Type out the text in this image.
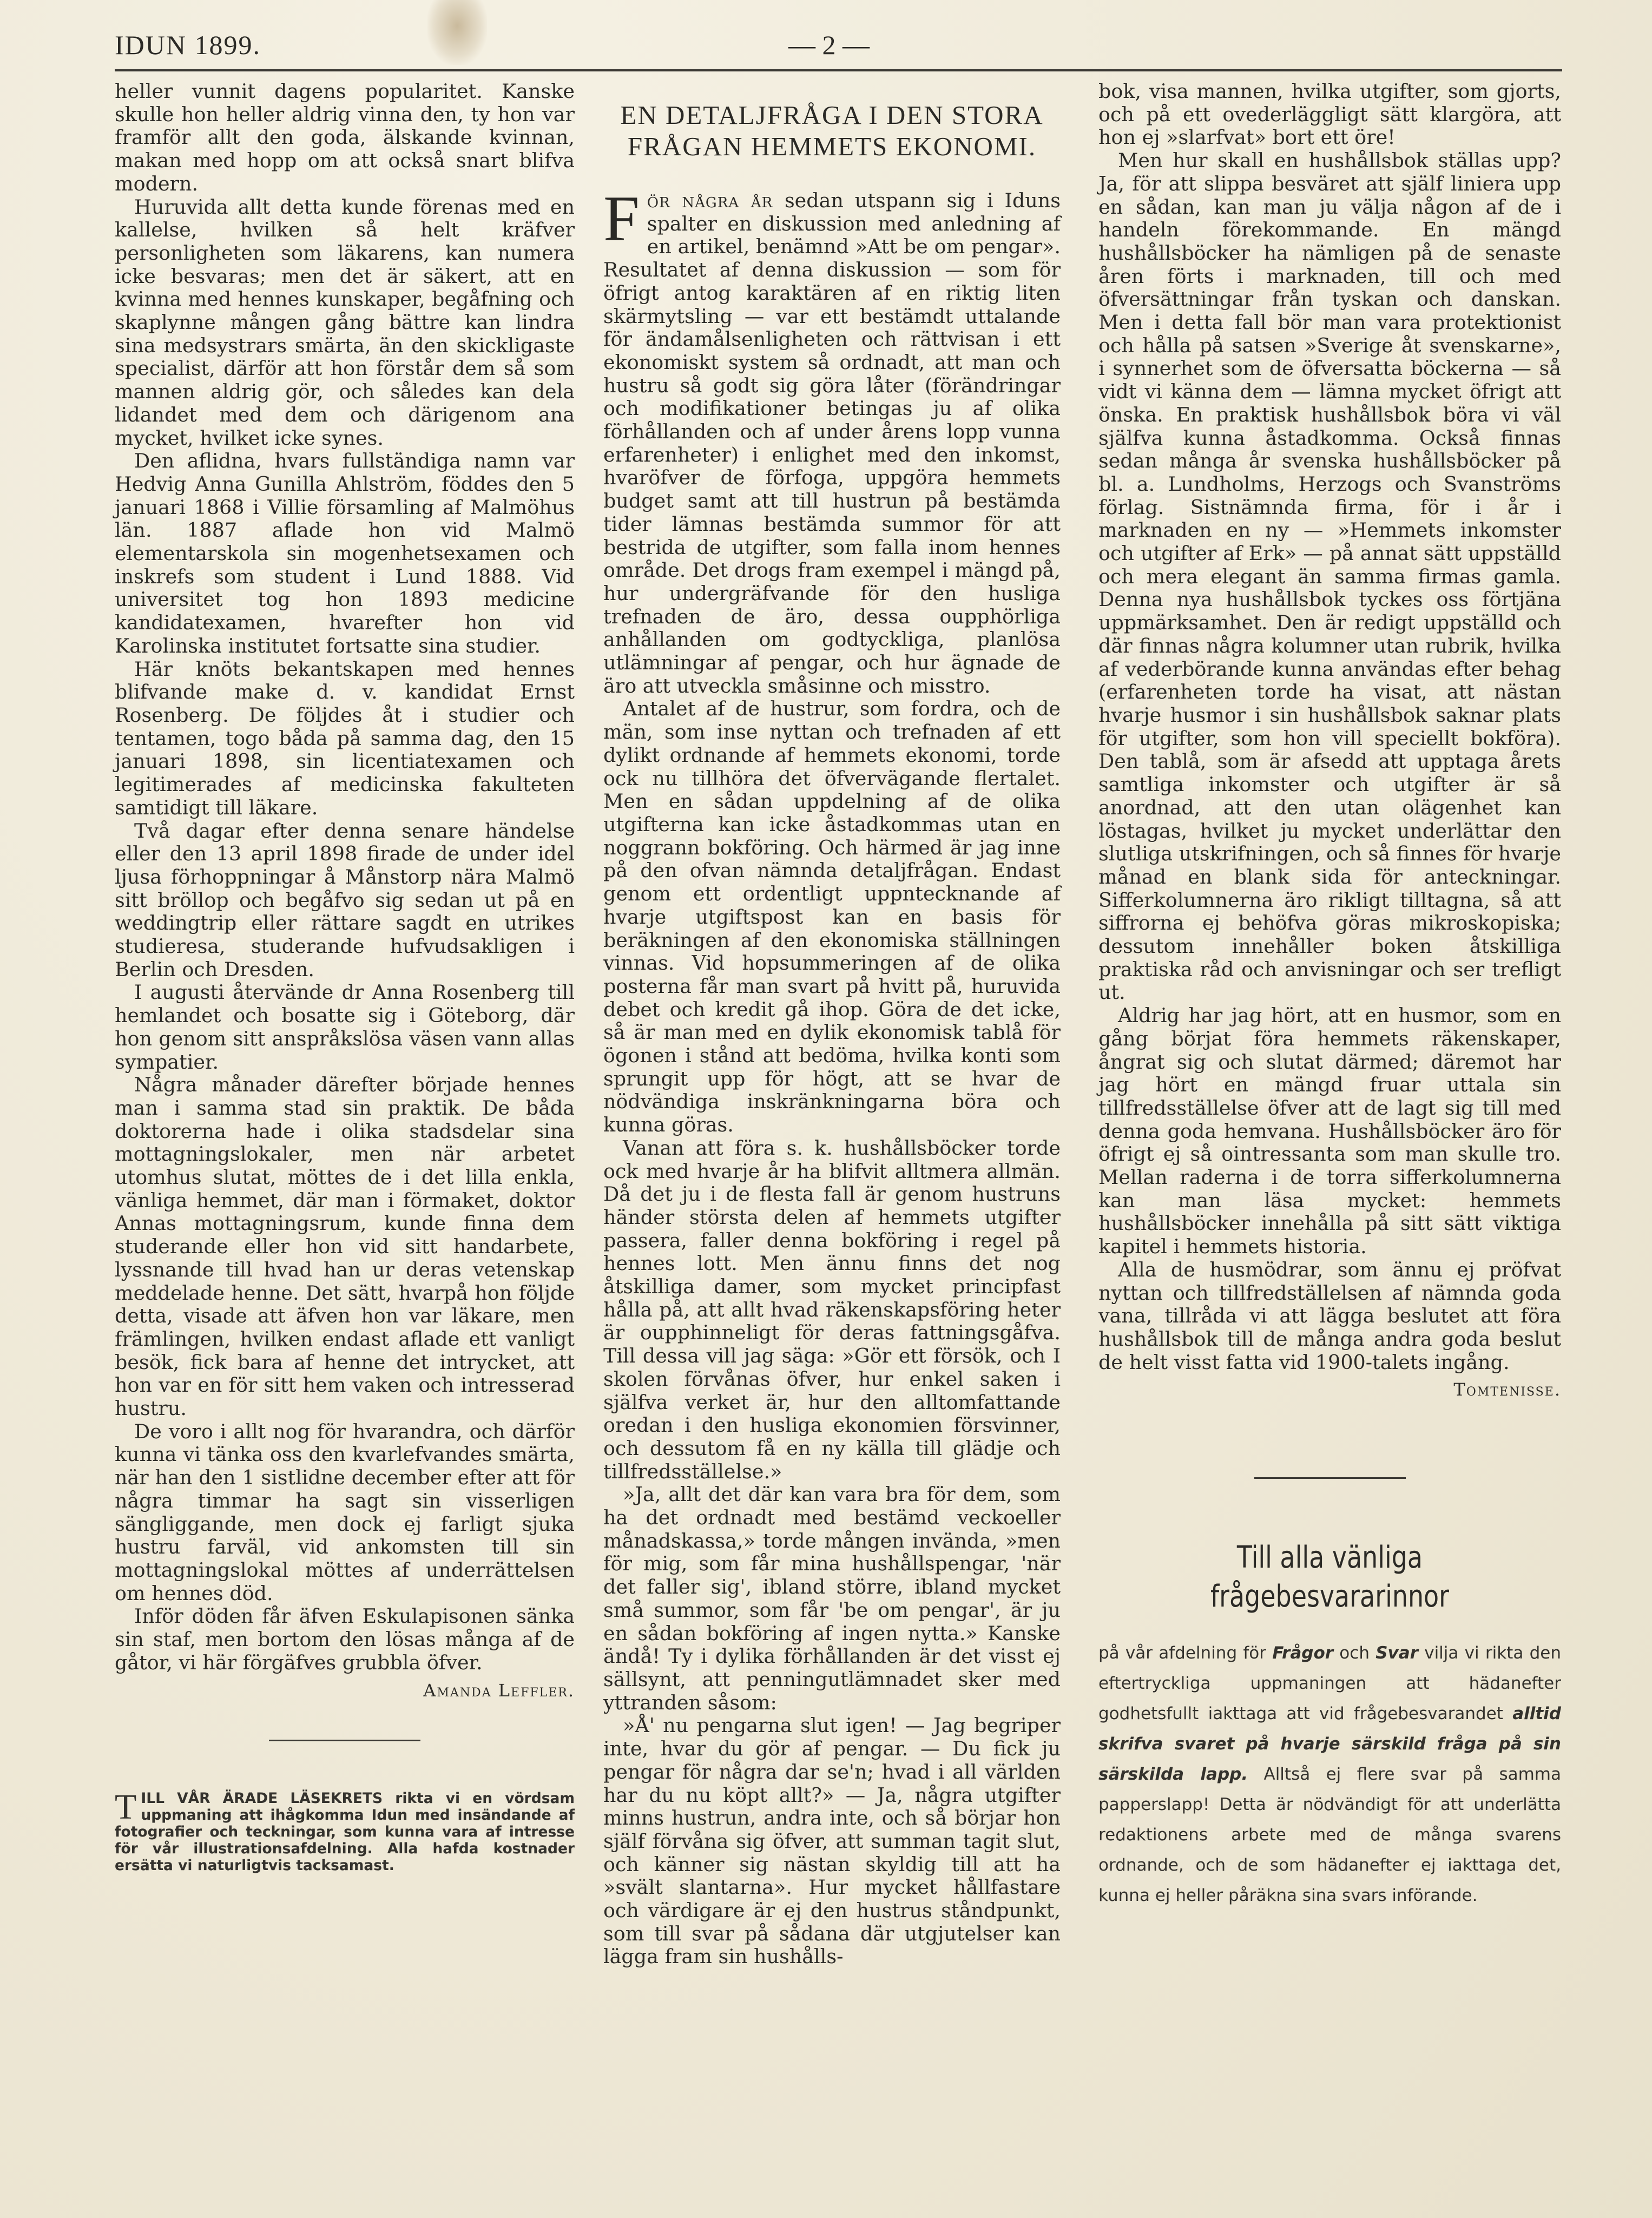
IDUN 1899.	— 2 —

heller vunnit dagens popularitet. Kanske skulle hon heller aldrig vinna den, ty hon var framför allt den goda, älskande kvinnan, makan med hopp om att också snart blifva modern.

Huruvida allt detta kunde förenas med en kallelse, hvilken så helt kräfver personligheten som läkarens, kan numera icke besvaras; men det är säkert, att en kvinna med hennes kunskaper, begåfning och skaplynne mången gång bättre kan lindra sina medsystrars smärta, än den skickligaste specialist, därför att hon förstår dem så som mannen aldrig gör, och således kan dela lidandet med dem och därigenom ana mycket, hvilket icke synes.

Den aflidna, hvars fullständiga namn var Hedvig Anna Gunilla Ahlström, föddes den 5 januari 1868 i Villie församling af Malmöhus län. 1887 aflade hon vid Malmö elementarskola sin mogenhetsexamen och inskrefs som student i Lund 1888. Vid universitet tog hon 1893 medicine kandidatexamen, hvarefter hon vid Karolinska institutet fortsatte sina studier.

Här knöts bekantskapen med hennes blifvande make d. v. kandidat Ernst Rosenberg. De följdes åt i studier och tentamen, togo båda på samma dag, den 15 januari 1898, sin licentiatexamen och legitimerades af medicinska fakulteten samtidigt till läkare.

Två dagar efter denna senare händelse eller den 13 april 1898 firade de under idel ljusa förhoppningar å Månstorp nära Malmö sitt bröllop och begåfvo sig sedan ut på en weddingtrip eller rättare sagdt en utrikes studieresa, studerande hufvudsakligen i Berlin och Dresden.

I augusti återvände dr Anna Rosenberg till hemlandet och bosatte sig i Göteborg, där hon genom sitt anspråkslösa väsen vann allas sympatier.

Några månader därefter började hennes man i samma stad sin praktik. De båda doktorerna hade i olika stadsdelar sina mottagningslokaler, men när arbetet utomhus slutat, möttes de i det lilla enkla, vänliga hemmet, där man i förmaket, doktor Annas mottagningsrum, kunde finna dem studerande eller hon vid sitt handarbete, lyssnande till hvad han ur deras vetenskap meddelade henne. Det sätt, hvarpå hon följde detta, visade att äfven hon var läkare, men främlingen, hvilken endast aflade ett vanligt besök, fick bara af henne det intrycket, att hon var en för sitt hem vaken och intresserad hustru.

De voro i allt nog för hvarandra, och därför kunna vi tänka oss den kvarlefvandes smärta, när han den 1 sistlidne december efter att för några timmar ha sagt sin visserligen sängliggande, men dock ej farligt sjuka hustru farväl, vid ankomsten till sin mottagningslokal möttes af underrättelsen om hennes död.

Inför döden får äfven Eskulapisonen sänka sin staf, men bortom den lösas många af de gåtor, vi här förgäfves grubbla öfver.

Amanda Leffler.
TILL VÅR ÄRADE LÄSEKRETS rikta vi en vördsam uppmaning att ihågkomma Idun med insändande af fotografier och teckningar, som kunna vara af intresse för vår illustrationsafdelning. Alla hafda kostnader ersätta vi naturligtvis tacksamast.
EN DETALJFRÅGA I DEN STORA FRÅGAN HEMMETS EKONOMI.

För några år sedan utspann sig i Iduns spalter en diskussion med anledning af en artikel, benämnd »Att be om pengar». Resultatet af denna diskussion — som för öfrigt antog karaktären af en riktig liten skärmytsling — var ett bestämdt uttalande för ändamålsenligheten och rättvisan i ett ekonomiskt system så ordnadt, att man och hustru så godt sig göra låter (förändringar och modifikationer betingas ju af olika förhållanden och af under årens lopp vunna erfarenheter) i enlighet med den inkomst, hvaröfver de förfoga, uppgöra hemmets budget samt att till hustrun på bestämda tider lämnas bestämda summor för att bestrida de utgifter, som falla inom hennes område. Det drogs fram exempel i mängd på, hur undergräfvande för den husliga trefnaden de äro, dessa oupphörliga anhållanden om godtyckliga, planlösa utlämningar af pengar, och hur ägnade de äro att utveckla småsinne och misstro.

Antalet af de hustrur, som fordra, och de män, som inse nyttan och trefnaden af ett dylikt ordnande af hemmets ekonomi, torde ock nu tillhöra det öfvervägande flertalet. Men en sådan uppdelning af de olika utgifterna kan icke åstadkommas utan en noggrann bokföring. Och härmed är jag inne på den ofvan nämnda detaljfrågan. Endast genom ett ordentligt uppntecknande af hvarje utgiftspost kan en basis för beräkningen af den ekonomiska ställningen vinnas. Vid hopsummeringen af de olika posterna får man svart på hvitt på, huruvida debet och kredit gå ihop. Göra de det icke, så är man med en dylik ekonomisk tablå för ögonen i stånd att bedöma, hvilka konti som sprungit upp för högt, att se hvar de nödvändiga inskränkningarna böra och kunna göras.

Vanan att föra s. k. hushållsböcker torde ock med hvarje år ha blifvit alltmera allmän. Då det ju i de flesta fall är genom hustruns händer största delen af hemmets utgifter passera, faller denna bokföring i regel på hennes lott. Men ännu finns det nog åtskilliga damer, som mycket principfast hålla på, att allt hvad räkenskapsföring heter är oupphinneligt för deras fattningsgåfva. Till dessa vill jag säga: »Gör ett försök, och I skolen förvånas öfver, hur enkel saken i själfva verket är, hur den alltomfattande oredan i den husliga ekonomien försvinner, och dessutom få en ny källa till glädje och tillfredsställelse.»

»Ja, allt det där kan vara bra för dem, som ha det ordnadt med bestämd veckoeller månadskassa,» torde mången invända, »men för mig, som får mina hushållspengar, 'när det faller sig', ibland större, ibland mycket små summor, som får 'be om pengar', är ju en sådan bokföring af ingen nytta.» Kanske ändå! Ty i dylika förhållanden är det visst ej sällsynt, att penningutlämnadet sker med yttranden såsom:

»Å' nu pengarna slut igen! — Jag begriper inte, hvar du gör af pengar. — Du fick ju pengar för några dar se'n; hvad i all världen har du nu köpt allt?» — Ja, några utgifter minns hustrun, andra inte, och så börjar hon själf förvåna sig öfver, att summan tagit slut, och känner sig nästan skyldig till att ha »svält slantarna». Hur mycket hållfastare och värdigare är ej den hustrus ståndpunkt, som till svar på sådana där utgjutelser kan lägga fram sin hushålls-

bok, visa mannen, hvilka utgifter, som gjorts, och på ett ovederläggligt sätt klargöra, att hon ej »slarfvat» bort ett öre!

Men hur skall en hushållsbok ställas upp? Ja, för att slippa besväret att själf liniera upp en sådan, kan man ju välja någon af de i handeln förekommande. En mängd hushållsböcker ha nämligen på de senaste åren förts i marknaden, till och med öfversättningar från tyskan och danskan. Men i detta fall bör man vara protektionist och hålla på satsen »Sverige åt svenskarne», i synnerhet som de öfversatta böckerna — så vidt vi känna dem — lämna mycket öfrigt att önska. En praktisk hushållsbok böra vi väl själfva kunna åstadkomma. Också finnas sedan många år svenska hushållsböcker på bl. a. Lundholms, Herzogs och Svanströms förlag. Sistnämnda firma, för i år i marknaden en ny — »Hemmets inkomster och utgifter af Erk» — på annat sätt uppställd och mera elegant än samma firmas gamla. Denna nya hushållsbok tyckes oss förtjäna uppmärksamhet. Den är redigt uppställd och där finnas några kolumner utan rubrik, hvilka af vederbörande kunna användas efter behag (erfarenheten torde ha visat, att nästan hvarje husmor i sin hushållsbok saknar plats för utgifter, som hon vill speciellt bokföra). Den tablå, som är afsedd att upptaga årets samtliga inkomster och utgifter är så anordnad, att den utan olägenhet kan löstagas, hvilket ju mycket underlättar den slutliga utskrifningen, och så finnes för hvarje månad en blank sida för anteckningar. Sifferkolumnerna äro rikligt tilltagna, så att siffrorna ej behöfva göras mikroskopiska; dessutom innehåller boken åtskilliga praktiska råd och anvisningar och ser trefligt ut.

Aldrig har jag hört, att en husmor, som en gång börjat föra hemmets räkenskaper, ångrat sig och slutat därmed; däremot har jag hört en mängd fruar uttala sin tillfredsställelse öfver att de lagt sig till med denna goda hemvana. Hushållsböcker äro för öfrigt ej så ointressanta som man skulle tro. Mellan raderna i de torra sifferkolumnerna kan man läsa mycket: hemmets hushållsböcker innehålla på sitt sätt viktiga kapitel i hemmets historia.

Alla de husmödrar, som ännu ej pröfvat nyttan och tillfredställelsen af nämnda goda vana, tillråda vi att lägga beslutet att föra hushållsbok till de många andra goda beslut de helt visst fatta vid 1900-talets ingång.

Tomtenisse.
Till alla vänliga frågebesvararinnor
på vår afdelning för Frågor och Svar vilja vi rikta den eftertryckliga uppmaningen att hädanefter godhetsfullt iakttaga att vid frågebesvarandet alltid skrifva svaret på hvarje särskild fråga på sin särskilda lapp. Alltså ej flere svar på samma papperslapp! Detta är nödvändigt för att underlätta redaktionens arbete med de många svarens ordnande, och de som hädanefter ej iakttaga det, kunna ej heller påräkna sina svars införande.
